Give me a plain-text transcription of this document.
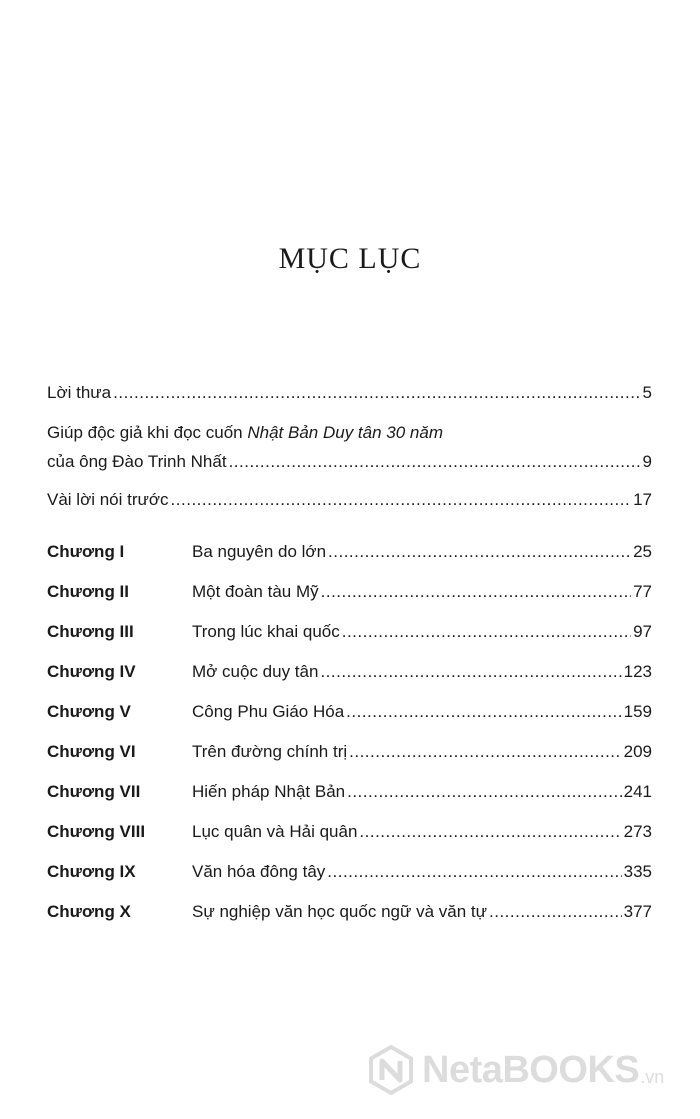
MỤC LỤC
Lời thưa .....	5
Giúp độc giả khi đọc cuốn Nhật Bản Duy tân 30 năm
của ông Đào Trinh Nhất .....	9
Vài lời nói trước .....	17
Chương I	Ba nguyên do lớn .....	25
Chương II	Một đoàn tàu Mỹ .....	77
Chương III	Trong lúc khai quốc .....	97
Chương IV	Mở cuộc duy tân .....	123
Chương V	Công Phu Giáo Hóa .....	159
Chương VI	Trên đường chính trị .....	209
Chương VII	Hiến pháp Nhật Bản .....	241
Chương VIII	Lục quân và Hải quân .....	273
Chương IX	Văn hóa đông tây .....	335
Chương X	Sự nghiệp văn học quốc ngữ và văn tự .....	377
NetaBOOKS .vn
